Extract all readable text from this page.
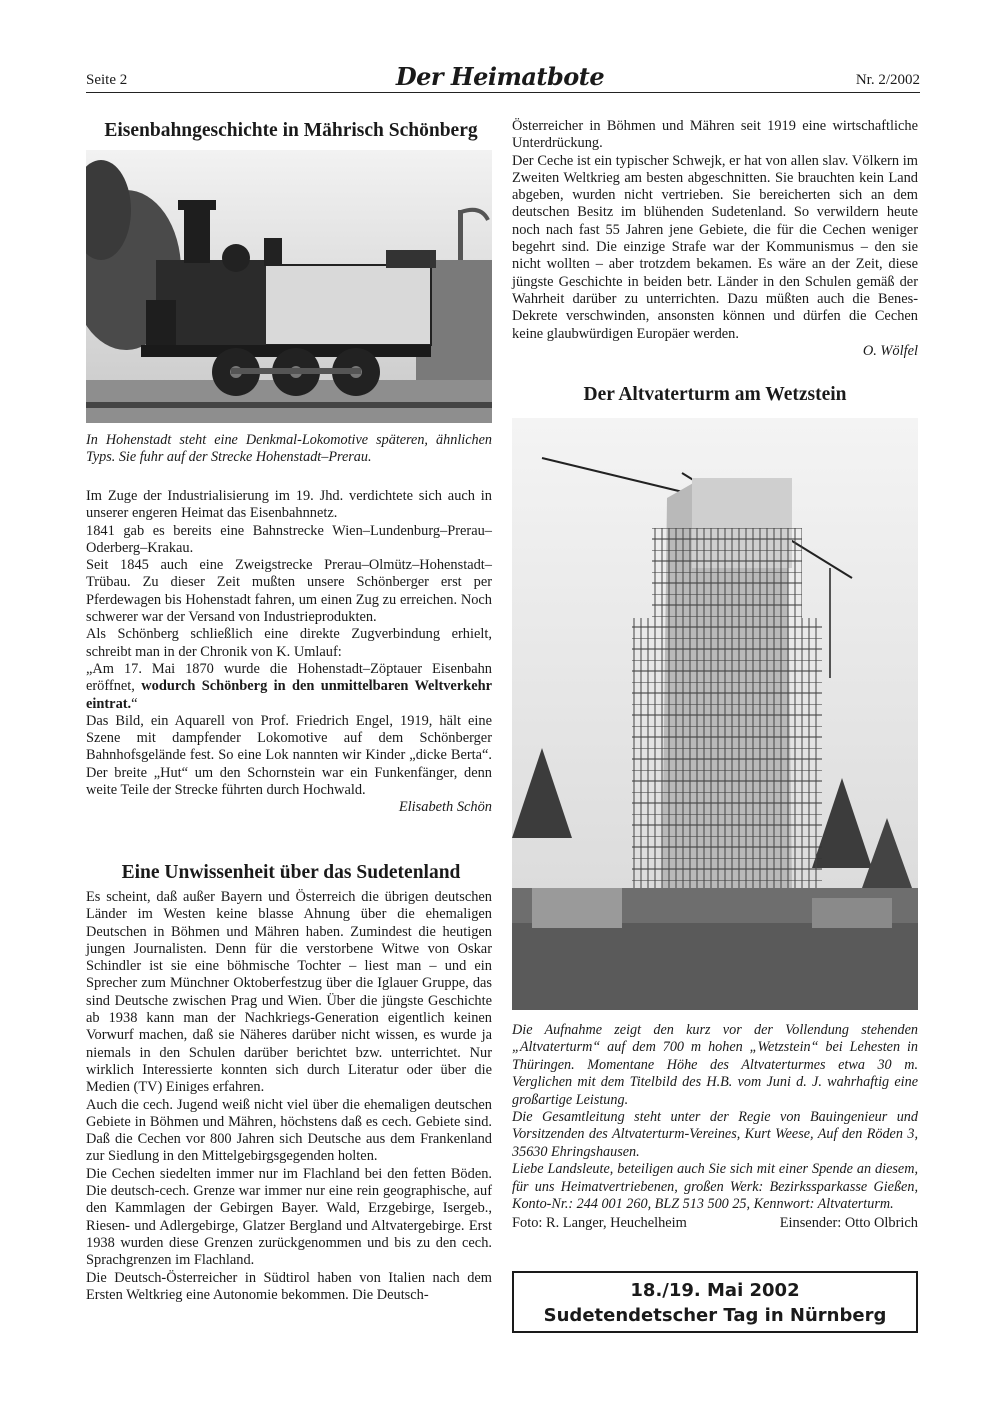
Seite 2	Der Heimatbote	Nr. 2/2002
Eisenbahngeschichte in Mährisch Schönberg

In Hohenstadt steht eine Denkmal-Lokomotive späteren, ähnlichen Typs. Sie fuhr auf der Strecke Hohenstadt–Prerau.

Im Zuge der Industrialisierung im 19. Jhd. verdichtete sich auch in unserer engeren Heimat das Eisenbahnnetz.

1841 gab es bereits eine Bahnstrecke Wien–Lundenburg–Prerau–Oderberg–Krakau.

Seit 1845 auch eine Zweigstrecke Prerau–Olmütz–Hohenstadt–Trübau. Zu dieser Zeit mußten unsere Schönberger erst per Pferdewagen bis Hohenstadt fahren, um einen Zug zu erreichen. Noch schwerer war der Versand von Industrieprodukten.

Als Schönberg schließlich eine direkte Zugverbindung erhielt, schreibt man in der Chronik von K. Umlauf:

„Am 17. Mai 1870 wurde die Hohenstadt–Zöptauer Eisenbahn eröffnet, wodurch Schönberg in den unmittelbaren Weltverkehr eintrat.“

Das Bild, ein Aquarell von Prof. Friedrich Engel, 1919, hält eine Szene mit dampfender Lokomotive auf dem Schönberger Bahnhofsgelände fest. So eine Lok nannten wir Kinder „dicke Berta“. Der breite „Hut“ um den Schornstein war ein Funkenfänger, denn weite Teile der Strecke führten durch Hochwald.

Elisabeth Schön

Eine Unwissenheit über das Sudetenland

Es scheint, daß außer Bayern und Österreich die übrigen deutschen Länder im Westen keine blasse Ahnung über die ehemaligen Deutschen in Böhmen und Mähren haben. Zumindest die heutigen jungen Journalisten. Denn für die verstorbene Witwe von Oskar Schindler ist sie eine böhmische Tochter – liest man – und ein Sprecher zum Münchner Oktoberfestzug über die Iglauer Gruppe, das sind Deutsche zwischen Prag und Wien. Über die jüngste Geschichte ab 1938 kann man der Nachkriegs-Generation eigentlich keinen Vorwurf machen, daß sie Näheres darüber nicht wissen, es wurde ja niemals in den Schulen darüber berichtet bzw. unterrichtet. Nur wirklich Interessierte konnten sich durch Literatur oder über die Medien (TV) Einiges erfahren.

Auch die cech. Jugend weiß nicht viel über die ehemaligen deutschen Gebiete in Böhmen und Mähren, höchstens daß es cech. Gebiete sind. Daß die Cechen vor 800 Jahren sich Deutsche aus dem Frankenland zur Siedlung in den Mittelgebirgsgegenden holten.

Die Cechen siedelten immer nur im Flachland bei den fetten Böden. Die deutsch-cech. Grenze war immer nur eine rein geographische, auf den Kammlagen der Gebirgen Bayer. Wald, Erzgebirge, Isergeb., Riesen- und Adlergebirge, Glatzer Bergland und Altvatergebirge. Erst 1938 wurden diese Grenzen zurückgenommen und bis zu den cech. Sprachgrenzen im Flachland.

Die Deutsch-Österreicher in Südtirol haben von Italien nach dem Ersten Weltkrieg eine Autonomie bekommen. Die Deutsch-

Österreicher in Böhmen und Mähren seit 1919 eine wirtschaftliche Unterdrückung.

Der Ceche ist ein typischer Schwejk, er hat von allen slav. Völkern im Zweiten Weltkrieg am besten abgeschnitten. Sie brauchten kein Land abgeben, wurden nicht vertrieben. Sie bereicherten sich an dem deutschen Besitz im blühenden Sudetenland. So verwildern heute noch nach fast 55 Jahren jene Gebiete, die für die Cechen weniger begehrt sind. Die einzige Strafe war der Kommunismus – den sie nicht wollten – aber trotzdem bekamen. Es wäre an der Zeit, diese jüngste Geschichte in beiden betr. Länder in den Schulen gemäß der Wahrheit darüber zu unterrichten. Dazu müßten auch die Benes-Dekrete verschwinden, ansonsten können und dürfen die Cechen keine glaubwürdigen Europäer werden.

O. Wölfel

Der Altvaterturm am Wetzstein

Die Aufnahme zeigt den kurz vor der Vollendung stehenden „Altvaterturm“ auf dem 700 m hohen „Wetzstein“ bei Lehesten in Thüringen. Momentane Höhe des Altvaterturmes etwa 30 m. Verglichen mit dem Titelbild des H.B. vom Juni d. J. wahrhaftig eine großartige Leistung.

Die Gesamtleitung steht unter der Regie von Bauingenieur und Vorsitzenden des Altvaterturm-Vereines, Kurt Weese, Auf den Röden 3, 35630 Ehringshausen.

Liebe Landsleute, beteiligen auch Sie sich mit einer Spende an diesem, für uns Heimatvertriebenen, großen Werk: Bezirkssparkasse Gießen, Konto-Nr.: 244 001 260, BLZ 513 500 25, Kennwort: Altvaterturm.

Foto: R. Langer, Heuchelheim	Einsender: Otto Olbrich
18./19. Mai 2002
Sudetendetscher Tag in Nürnberg
